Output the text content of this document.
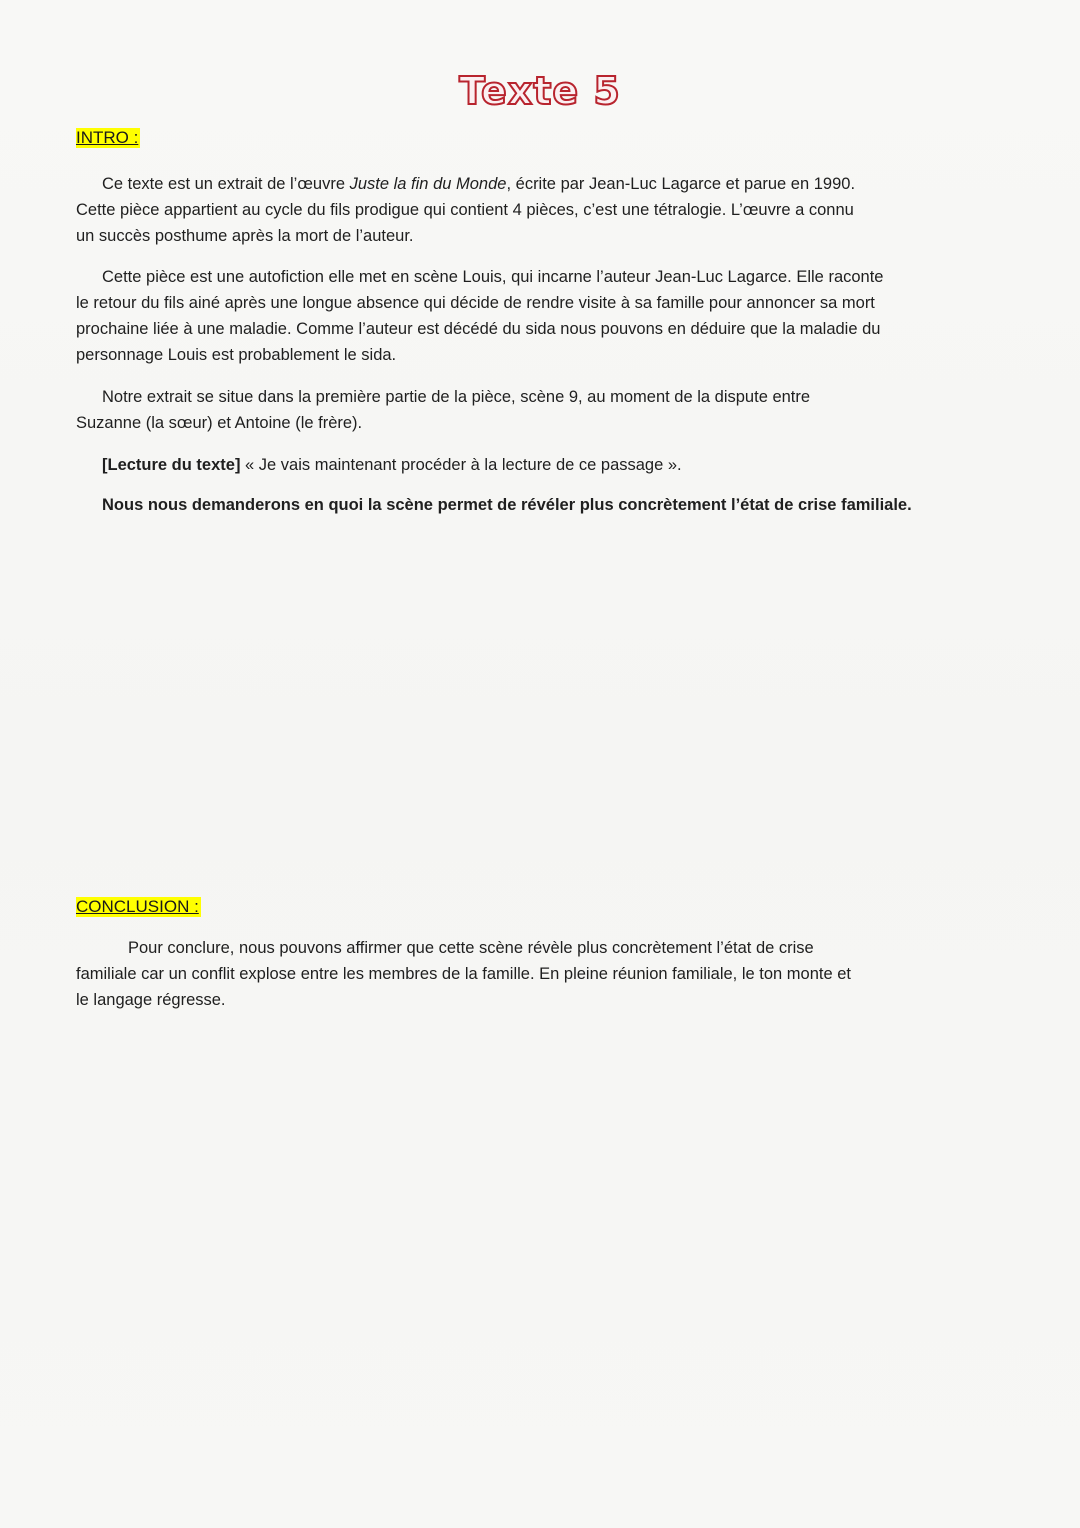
Texte 5
INTRO :
Ce texte est un extrait de l’œuvre Juste la fin du Monde, écrite par Jean-Luc Lagarce et parue en 1990.
Cette pièce appartient au cycle du fils prodigue qui contient 4 pièces, c’est une tétralogie. L’œuvre a connu
un succès posthume après la mort de l’auteur.
Cette pièce est une autofiction elle met en scène Louis, qui incarne l’auteur Jean-Luc Lagarce. Elle raconte
le retour du fils ainé après une longue absence qui décide de rendre visite à sa famille pour annoncer sa mort
prochaine liée à une maladie. Comme l’auteur est décédé du sida nous pouvons en déduire que la maladie du
personnage Louis est probablement le sida.
Notre extrait se situe dans la première partie de la pièce, scène 9, au moment de la dispute entre
Suzanne (la sœur) et Antoine (le frère).
[Lecture du texte] « Je vais maintenant procéder à la lecture de ce passage ».
Nous nous demanderons en quoi la scène permet de révéler plus concrètement l’état de crise familiale.
CONCLUSION :
Pour conclure, nous pouvons affirmer que cette scène révèle plus concrètement l’état de crise
familiale car un conflit explose entre les membres de la famille. En pleine réunion familiale, le ton monte et
le langage régresse.
